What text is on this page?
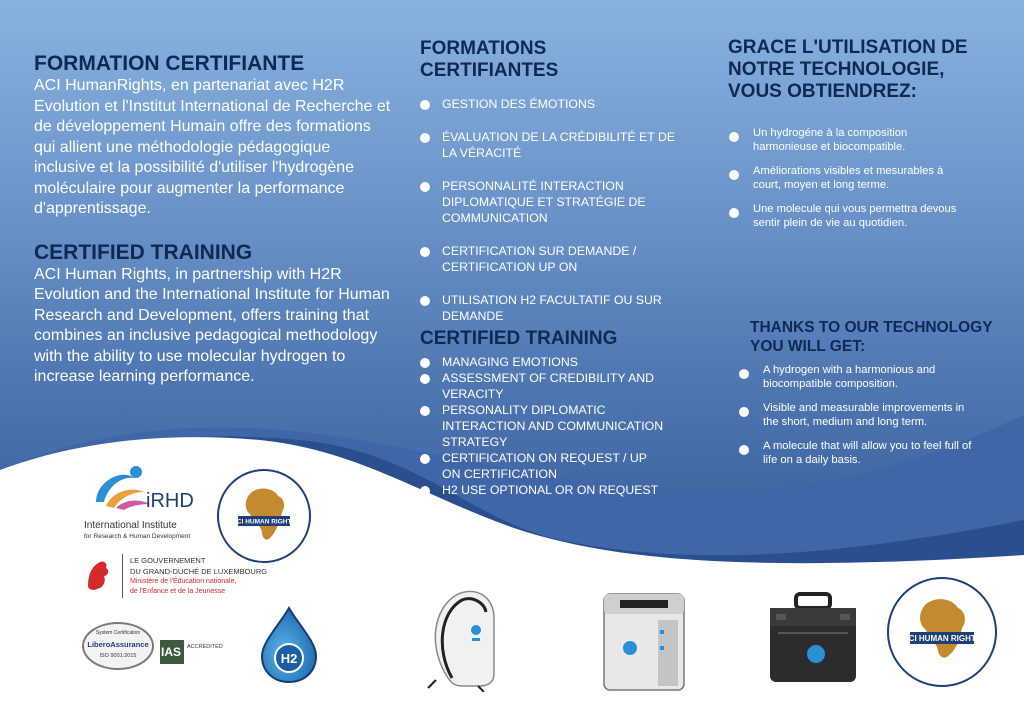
FORMATION CERTIFIANTE

ACI HumanRights, en partenariat avec H2R Evolution et l'Institut International de Recherche et de développement Humain offre des formations qui allient une méthodologie pédagogique inclusive et la possibilité d'utiliser l'hydrogène moléculaire pour augmenter la performance d'apprentissage.

CERTIFIED TRAINING

ACI Human Rights, in partnership with H2R Evolution and the International Institute for Human Research and Development, offers training that combines an inclusive pedagogical methodology with the ability to use molecular hydrogen to increase learning performance.

FORMATIONS
CERTIFIANTES
GESTION DES ÉMOTIONS
ÉVALUATION DE LA CRÉDIBILITÉ ET DE LA VÉRACITÉ
PERSONNALITÉ INTERACTION DIPLOMATIQUE ET STRATÉGIE DE COMMUNICATION
CERTIFICATION SUR DEMANDE / CERTIFICATION UP ON
UTILISATION H2 FACULTATIF OU SUR DEMANDE
CERTIFIED TRAINING
MANAGING EMOTIONS
ASSESSMENT OF CREDIBILITY AND VERACITY
PERSONALITY DIPLOMATIC INTERACTION AND COMMUNICATION STRATEGY
CERTIFICATION ON REQUEST / UP ON CERTIFICATION
H2 USE OPTIONAL OR ON REQUEST
GRACE L'UTILISATION DE
NOTRE TECHNOLOGIE,
VOUS OBTIENDREZ:
Un hydrogéne à la composition harmonieuse et biocompatible.
Améliorations visibles et mesurables à court, moyen et long terme.
Une molecule qui vous permettra devous sentir plein de vie au quotidien.
THANKS TO OUR TECHNOLOGY
YOU WILL GET:
A hydrogen with a harmonious and biocompatible composition.
Visible and measurable improvements in the short, medium and long term.
A molecule that will allow you to feel full of life on a daily basis.
iRHD
International Institute
for Research & Human Development
ACI HUMAN RIGHTS
LE GOUVERNEMENT
DU GRAND-DUCHÉ DE LUXEMBOURG
Ministère de l'Éducation nationale,
de l'Enfance et de la Jeunesse
System Certification
LiberoAssurance
ISO 9001:2015	IAS ACCREDITED
H2
ACI HUMAN RIGHTS
